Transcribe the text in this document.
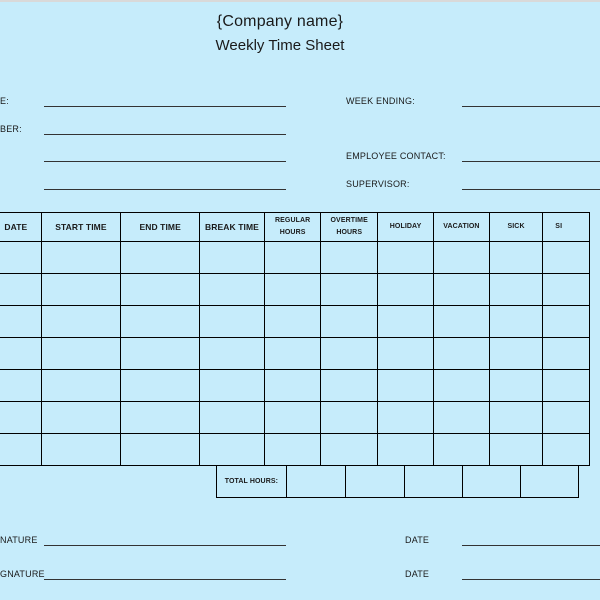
{Company name}
Weekly Time Sheet
E:
BER:
WEEK ENDING:
EMPLOYEE CONTACT:
SUPERVISOR:
DATE	START TIME	END TIME	BREAK TIME	REGULAR HOURS	OVERTIME HOURS	HOLIDAY	VACATION	SICK	SI

TOTAL HOURS:
NATURE	DATE
GNATURE	DATE
